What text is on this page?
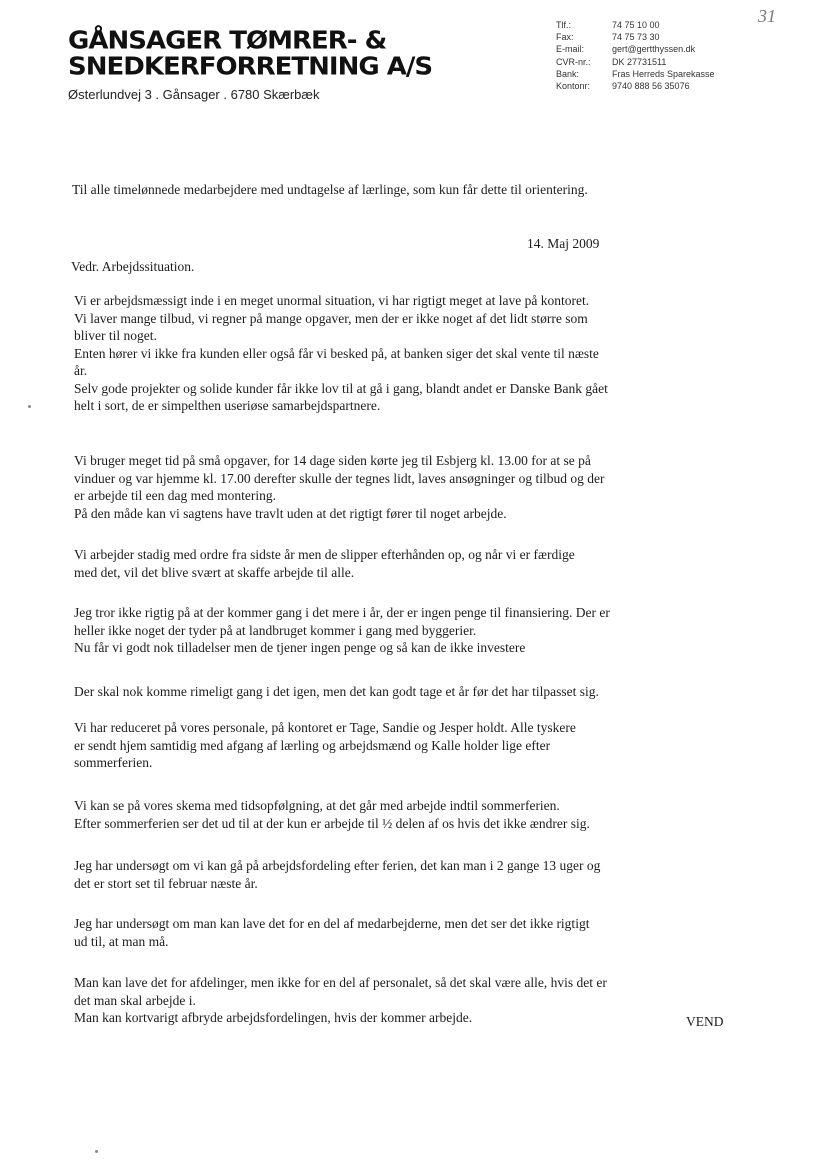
GÅNSAGER TØMRER- &
SNEDKERFORRETNING A/S
Østerlundvej 3 . Gånsager . 6780 Skærbæk
31
Tlf.:	74 75 10 00
Fax:	74 75 73 30
E-mail:	gert@gertthyssen.dk
CVR-nr.: DK 27731511
Bank:	Fras Herreds Sparekasse
Kontonr: 9740 888 56 35076
Til alle timelønnede medarbejdere med undtagelse af lærlinge, som kun får dette til orientering.
14. Maj 2009
Vedr. Arbejdssituation.
Vi er arbejdsmæssigt inde i en meget unormal situation, vi har rigtigt meget at lave på kontoret.
Vi laver mange tilbud, vi regner på mange opgaver, men der er ikke noget af det lidt større som
bliver til noget.
Enten hører vi ikke fra kunden eller også får vi besked på, at banken siger det skal vente til næste
år.
Selv gode projekter og solide kunder får ikke lov til at gå i gang, blandt andet er Danske Bank gået
helt i sort, de er simpelthen useriøse samarbejdspartnere.
Vi bruger meget tid på små opgaver, for 14 dage siden kørte jeg til Esbjerg kl. 13.00 for at se på
vinduer og var hjemme kl. 17.00 derefter skulle der tegnes lidt, laves ansøgninger og tilbud og der
er arbejde til een dag med montering.
På den måde kan vi sagtens have travlt uden at det rigtigt fører til noget arbejde.
Vi arbejder stadig med ordre fra sidste år men de slipper efterhånden op, og når vi er færdige
med det, vil det blive svært at skaffe arbejde til alle.
Jeg tror ikke rigtig på at der kommer gang i det mere i år, der er ingen penge til finansiering. Der er
heller ikke noget der tyder på at landbruget kommer i gang med byggerier.
Nu får vi godt nok tilladelser men de tjener ingen penge og så kan de ikke investere
Der skal nok komme rimeligt gang i det igen, men det kan godt tage et år før det har tilpasset sig.
Vi har reduceret på vores personale, på kontoret er Tage, Sandie og Jesper holdt. Alle tyskere
er sendt hjem samtidig med afgang af lærling og arbejdsmænd og Kalle holder lige efter
sommerferien.
Vi kan se på vores skema med tidsopfølgning, at det går med arbejde indtil sommerferien.
Efter sommerferien ser det ud til at der kun er arbejde til ½ delen af os hvis det ikke ændrer sig.
Jeg har undersøgt om vi kan gå på arbejdsfordeling efter ferien, det kan man i 2 gange 13 uger og
det er stort set til februar næste år.
Jeg har undersøgt om man kan lave det for en del af medarbejderne, men det ser det ikke rigtigt
ud til, at man må.
Man kan lave det for afdelinger, men ikke for en del af personalet, så det skal være alle, hvis det er
det man skal arbejde i.
Man kan kortvarigt afbryde arbejdsfordelingen, hvis der kommer arbejde.	VEND
